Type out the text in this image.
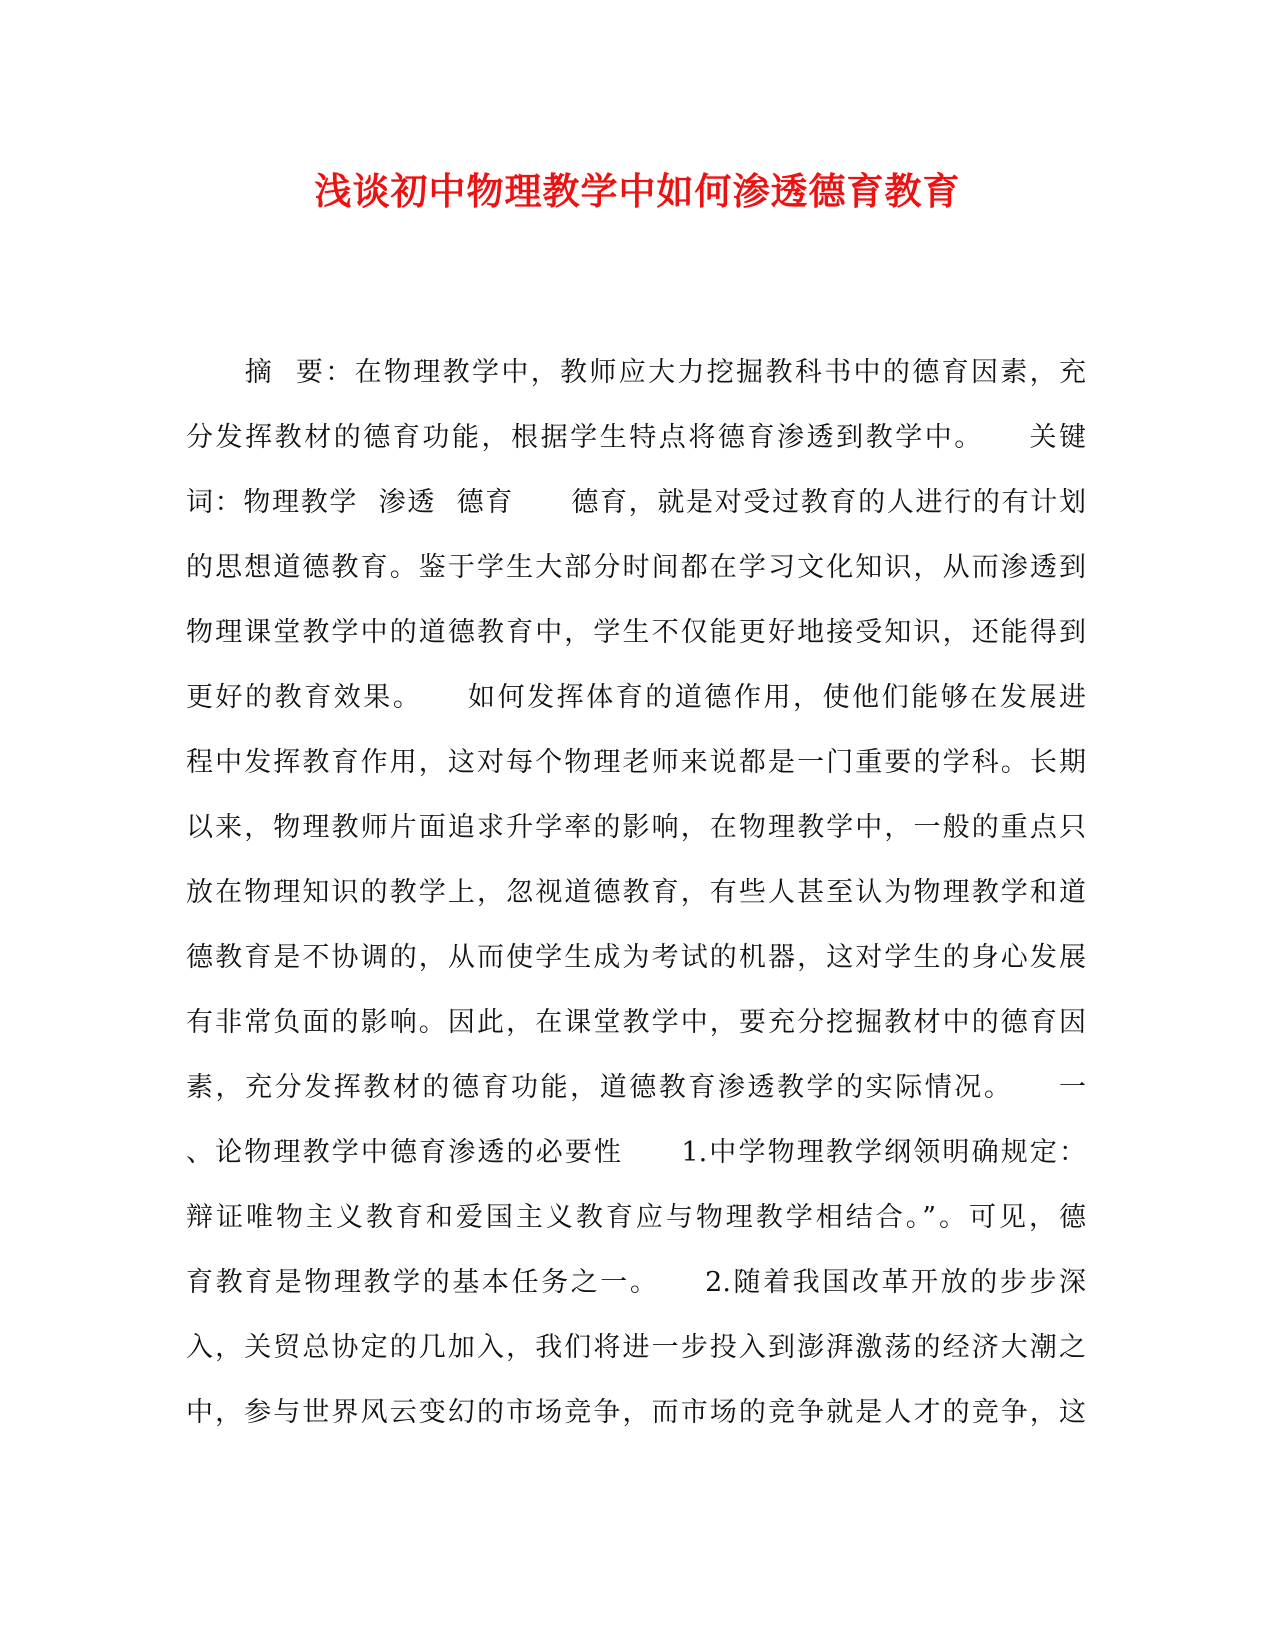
浅谈初中物理教学中如何渗透德育教育
　　摘  要：在物理教学中，教师应大力挖掘教科书中的德育因素，充
分发挥教材的德育功能，根据学生特点将德育渗透到教学中。　　关键
词：物理教学  渗透  德育　　德育，就是对受过教育的人进行的有计划
的思想道德教育。鉴于学生大部分时间都在学习文化知识，从而渗透到
物理课堂教学中的道德教育中，学生不仅能更好地接受知识，还能得到
更好的教育效果。　　如何发挥体育的道德作用，使他们能够在发展进
程中发挥教育作用，这对每个物理老师来说都是一门重要的学科。长期
以来，物理教师片面追求升学率的影响，在物理教学中，一般的重点只
放在物理知识的教学上，忽视道德教育，有些人甚至认为物理教学和道
德教育是不协调的，从而使学生成为考试的机器，这对学生的身心发展
有非常负面的影响。因此，在课堂教学中，要充分挖掘教材中的德育因
素，充分发挥教材的德育功能，道德教育渗透教学的实际情况。　　一
、论物理教学中德育渗透的必要性　　1.中学物理教学纲领明确规定：
辩证唯物主义教育和爱国主义教育应与物理教学相结合。”。可见，德
育教育是物理教学的基本任务之一。　　2.随着我国改革开放的步步深
入，关贸总协定的几加入，我们将进一步投入到澎湃激荡的经济大潮之
中，参与世界风云变幻的市场竞争，而市场的竞争就是人才的竞争，这
